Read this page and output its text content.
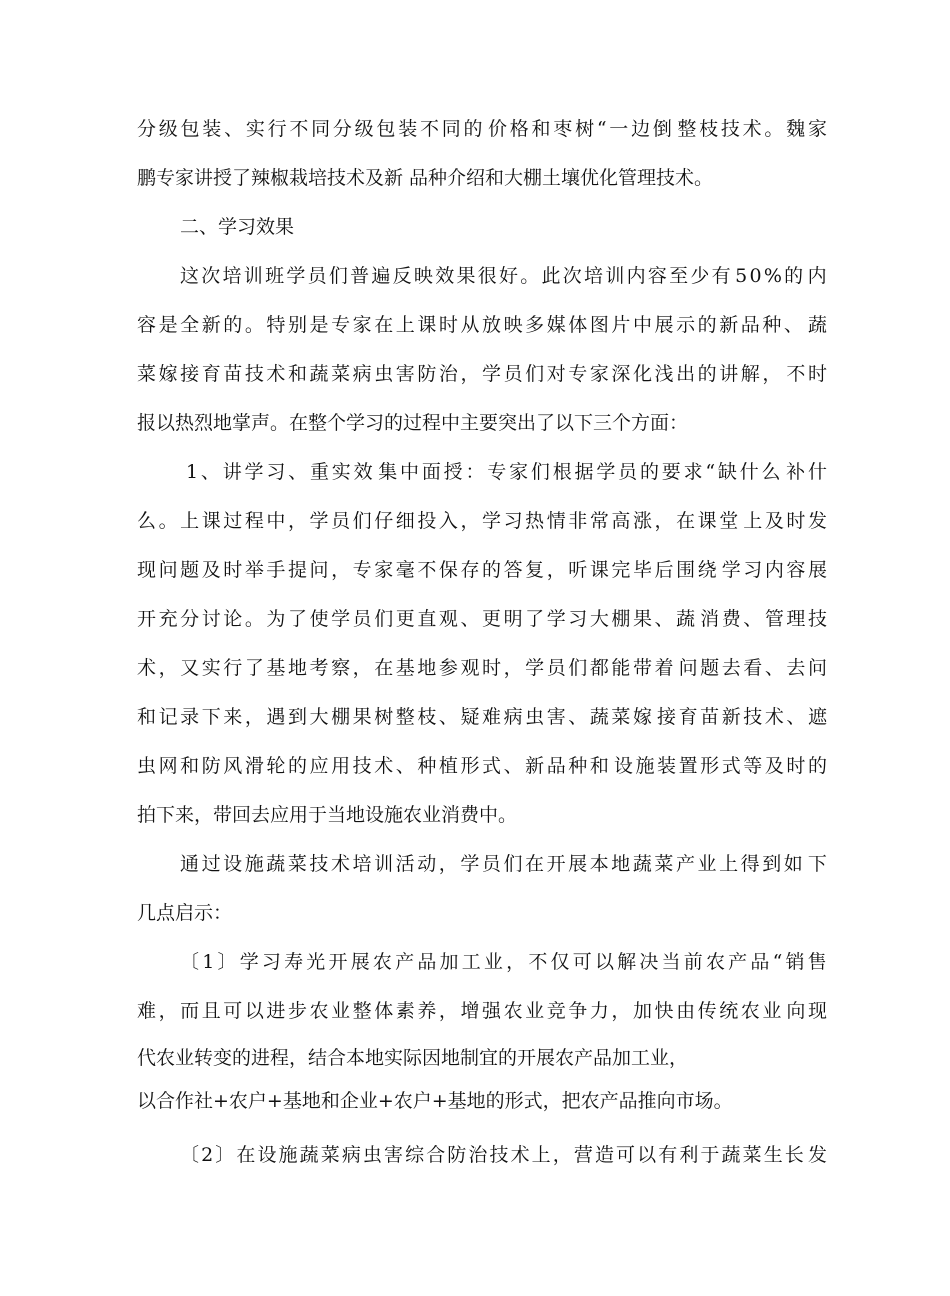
分 级 包 装 、 实 行 不 同 分 级 包 装 不 同 的 价 格 和 枣 树 “ 一 边 倒 整 枝 技 术 。 魏 家
鹏专家讲授了辣椒栽培技术及新 品种介绍和大棚土壤优化管理技术。
二、学习效果
这 次 培 训 班 学 员 们 普 遍 反 映 效 果 很 好 。 此 次 培 训 内 容 至 少 有 5 0 % 的 内
容 是 全 新 的 。 特 别 是 专 家 在 上 课 时 从 放 映 多 媒 体 图 片 中 展 示 的 新 品 种 、 蔬
菜 嫁 接 育 苗 技 术 和 蔬 菜 病 虫 害 防 治 ， 学 员 们 对 专 家 深 化 浅 出 的 讲 解 ， 不 时
报以热烈地掌声。在整个学习的过程中主要突出了以下三个方面：
1 、 讲 学 习 、 重 实 效 集 中 面 授 ： 专 家 们 根 据 学 员 的 要 求 “ 缺 什 么 补 什
么 。 上 课 过 程 中 ， 学 员 们 仔 细 投 入 ， 学 习 热 情 非 常 高 涨 ， 在 课 堂 上 及 时 发
现 问 题 及 时 举 手 提 问 ， 专 家 毫 不 保 存 的 答 复 ， 听 课 完 毕 后 围 绕 学 习 内 容 展
开 充 分 讨 论 。 为 了 使 学 员 们 更 直 观 、 更 明 了 学 习 大 棚 果 、 蔬 消 费 、 管 理 技
术 ， 又 实 行 了 基 地 考 察 ， 在 基 地 参 观 时 ， 学 员 们 都 能 带 着 问 题 去 看 、 去 问
和 记 录 下 来 ， 遇 到 大 棚 果 树 整 枝 、 疑 难 病 虫 害 、 蔬 菜 嫁 接 育 苗 新 技 术 、 遮
虫 网 和 防 风 滑 轮 的 应 用 技 术 、 种 植 形 式 、 新 品 种 和 设 施 装 置 形 式 等 及 时 的
拍下来，带回去应用于当地设施农业消费中。
通 过 设 施 蔬 菜 技 术 培 训 活 动 ， 学 员 们 在 开 展 本 地 蔬 菜 产 业 上 得 到 如 下
几点启示：
〔 1 〕 学 习 寿 光 开 展 农 产 品 加 工 业 ， 不 仅 可 以 解 决 当 前 农 产 品 “ 销 售
难 ， 而 且 可 以 进 步 农 业 整 体 素 养 ， 增 强 农 业 竞 争 力 ， 加 快 由 传 统 农 业 向 现
代农业转变的进程，结合本地实际因地制宜的开展农产品加工业，
以合作社+农户+基地和企业+农户+基地的形式，把农产品推向市场。
〔 2 〕 在 设 施 蔬 菜 病 虫 害 综 合 防 治 技 术 上 ， 营 造 可 以 有 利 于 蔬 菜 生 长 发
